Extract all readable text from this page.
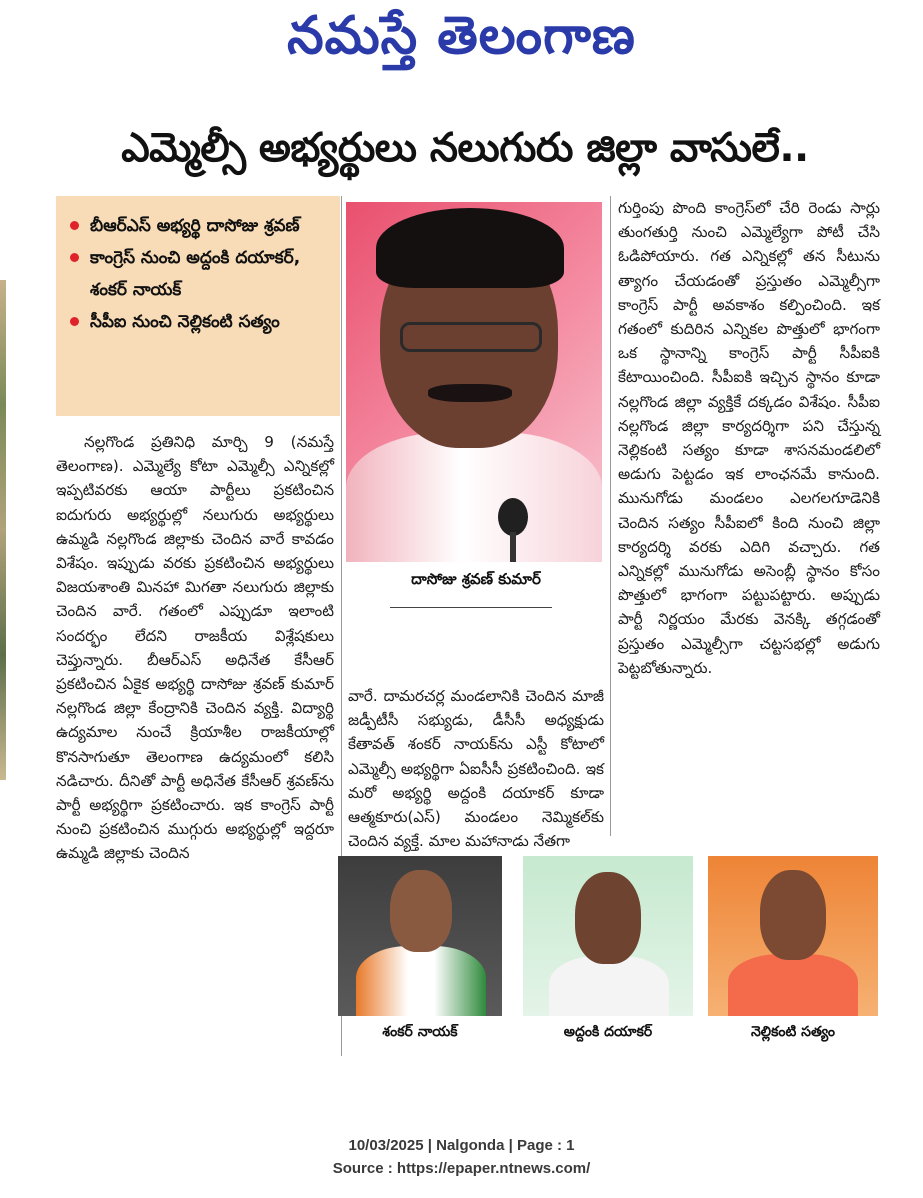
నమస్తే తెలంగాణ
ఎమ్మెల్సీ అభ్యర్థులు నలుగురు జిల్లా వాసులే..
బీఆర్ఎస్ అభ్యర్థి దాసోజు శ్రవణ్
కాంగ్రెస్ నుంచి అద్దంకి దయాకర్, శంకర్ నాయక్
సీపీఐ నుంచి నెల్లికంటి సత్యం
దాసోజు శ్రవణ్ కుమార్

నల్లగొండ ప్రతినిధి మార్చి 9 (నమస్తే తెలంగాణ). ఎమ్మెల్యే కోటా ఎమ్మెల్సీ ఎన్నికల్లో ఇప్పటివరకు ఆయా పార్టీలు ప్రకటించిన ఐదుగురు అభ్యర్థుల్లో నలుగురు అభ్యర్థులు ఉమ్మడి నల్లగొండ జిల్లాకు చెందిన వారే కావడం విశేషం. ఇప్పుడు వరకు ప్రకటించిన అభ్యర్థులు విజయశాంతి మినహా మిగతా నలుగురు జిల్లాకు చెందిన వారే. గతంలో ఎప్పుడూ ఇలాంటి సందర్భం లేదని రాజకీయ విశ్లేషకులు చెప్తున్నారు. బీఆర్ఎస్ అధినేత కేసీఆర్ ప్రకటించిన ఏకైక అభ్యర్థి దాసోజు శ్రవణ్ కుమార్ నల్లగొండ జిల్లా కేంద్రానికి చెందిన వ్యక్తి. విద్యార్థి ఉద్యమాల నుంచే క్రియాశీల రాజకీయాల్లో కొనసాగుతూ తెలంగాణ ఉద్యమంలో కలిసి నడిచారు. దీనితో పార్టీ అధినేత కేసీఆర్ శ్రవణ్‌ను పార్టీ అభ్యర్థిగా ప్రకటించారు. ఇక కాంగ్రెస్ పార్టీ నుంచి ప్రకటించిన ముగ్గురు అభ్యర్థుల్లో ఇద్దరూ ఉమ్మడి జిల్లాకు చెందిన

వారే. దామరచర్ల మండలానికి చెందిన మాజీ జడ్పీటీసీ సభ్యుడు, డీసీసీ అధ్యక్షుడు కేతావత్ శంకర్ నాయక్‌ను ఎస్టీ కోటాలో ఎమ్మెల్సీ అభ్యర్థిగా ఏఐసీసీ ప్రకటించింది. ఇక మరో అభ్యర్థి అద్దంకి దయాకర్ కూడా ఆత్మకూరు(ఎస్) మండలం నెమ్మికల్‌కు చెందిన వ్యక్తే. మాల మహానాడు నేతగా

గుర్తింపు పొంది కాంగ్రెస్‌లో చేరి రెండు సార్లు తుంగతుర్తి నుంచి ఎమ్మెల్యేగా పోటీ చేసి ఓడిపోయారు. గత ఎన్నికల్లో తన సీటును త్యాగం చేయడంతో ప్రస్తుతం ఎమ్మెల్సీగా కాంగ్రెస్ పార్టీ అవకాశం కల్పించింది. ఇక గతంలో కుదిరిన ఎన్నికల పొత్తులో భాగంగా ఒక స్థానాన్ని కాంగ్రెస్ పార్టీ సీపీఐకి కేటాయించింది. సీపీఐకి ఇచ్చిన స్థానం కూడా నల్లగొండ జిల్లా వ్యక్తికే దక్కడం విశేషం. సీపీఐ నల్లగొండ జిల్లా కార్యదర్శిగా పని చేస్తున్న నెల్లికంటి సత్యం కూడా శాసనమండలిలో అడుగు పెట్టడం ఇక లాంఛనమే కానుంది. మునుగోడు మండలం ఎలగలగూడెనికి చెందిన సత్యం సీపీఐలో కింది నుంచి జిల్లా కార్యదర్శి వరకు ఎదిగి వచ్చారు. గత ఎన్నికల్లో మునుగోడు అసెంబ్లీ స్థానం కోసం పొత్తులో భాగంగా పట్టుపట్టారు. అప్పుడు పార్టీ నిర్ణయం మేరకు వెనక్కి తగ్గడంతో ప్రస్తుతం ఎమ్మెల్సీగా చట్టసభల్లో అడుగు పెట్టబోతున్నారు.

శంకర్ నాయక్	అద్దంకి దయాకర్	నెల్లికంటి సత్యం
10/03/2025 | Nalgonda | Page : 1
Source : https://epaper.ntnews.com/
